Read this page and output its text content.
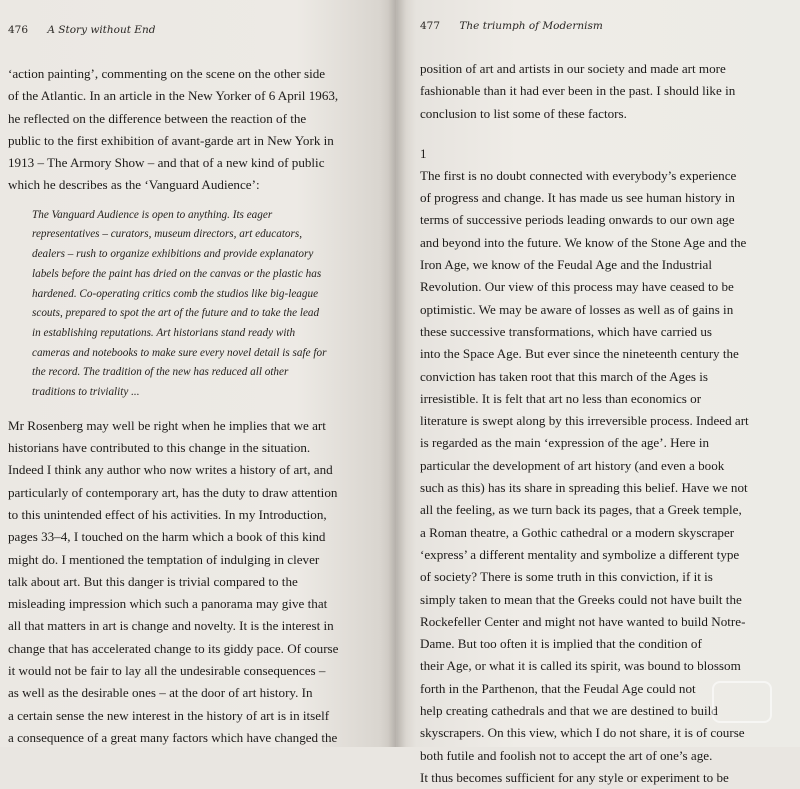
476 A Story without End
‘action painting’, commenting on the scene on the other side
of the Atlantic. In an article in the New Yorker of 6 April 1963,
he reflected on the difference between the reaction of the
public to the first exhibition of avant-garde art in New York in
1913 – The Armory Show – and that of a new kind of public
which he describes as the ‘Vanguard Audience’:
The Vanguard Audience is open to anything. Its eager
representatives – curators, museum directors, art educators,
dealers – rush to organize exhibitions and provide explanatory
labels before the paint has dried on the canvas or the plastic has
hardened. Co-operating critics comb the studios like big-league
scouts, prepared to spot the art of the future and to take the lead
in establishing reputations. Art historians stand ready with
cameras and notebooks to make sure every novel detail is safe for
the record. The tradition of the new has reduced all other
traditions to triviality ...
Mr Rosenberg may well be right when he implies that we art
historians have contributed to this change in the situation.
Indeed I think any author who now writes a history of art, and
particularly of contemporary art, has the duty to draw attention
to this unintended effect of his activities. In my Introduction,
pages 33–4, I touched on the harm which a book of this kind
might do. I mentioned the temptation of indulging in clever
talk about art. But this danger is trivial compared to the
misleading impression which such a panorama may give that
all that matters in art is change and novelty. It is the interest in
change that has accelerated change to its giddy pace. Of course
it would not be fair to lay all the undesirable consequences –
as well as the desirable ones – at the door of art history. In
a certain sense the new interest in the history of art is in itself
a consequence of a great many factors which have changed the
477 The triumph of Modernism
position of art and artists in our society and made art more
fashionable than it had ever been in the past. I should like in
conclusion to list some of these factors.
1
The first is no doubt connected with everybody’s experience
of progress and change. It has made us see human history in
terms of successive periods leading onwards to our own age
and beyond into the future. We know of the Stone Age and the
Iron Age, we know of the Feudal Age and the Industrial
Revolution. Our view of this process may have ceased to be
optimistic. We may be aware of losses as well as of gains in
these successive transformations, which have carried us
into the Space Age. But ever since the nineteenth century the
conviction has taken root that this march of the Ages is
irresistible. It is felt that art no less than economics or
literature is swept along by this irreversible process. Indeed art
is regarded as the main ‘expression of the age’. Here in
particular the development of art history (and even a book
such as this) has its share in spreading this belief. Have we not
all the feeling, as we turn back its pages, that a Greek temple,
a Roman theatre, a Gothic cathedral or a modern skyscraper
‘express’ a different mentality and symbolize a different type
of society? There is some truth in this conviction, if it is
simply taken to mean that the Greeks could not have built the
Rockefeller Center and might not have wanted to build Notre-
Dame. But too often it is implied that the condition of
their Age, or what it is called its spirit, was bound to blossom
forth in the Parthenon, that the Feudal Age could not
help creating cathedrals and that we are destined to build
skyscrapers. On this view, which I do not share, it is of course
both futile and foolish not to accept the art of one’s age.
It thus becomes sufficient for any style or experiment to be
